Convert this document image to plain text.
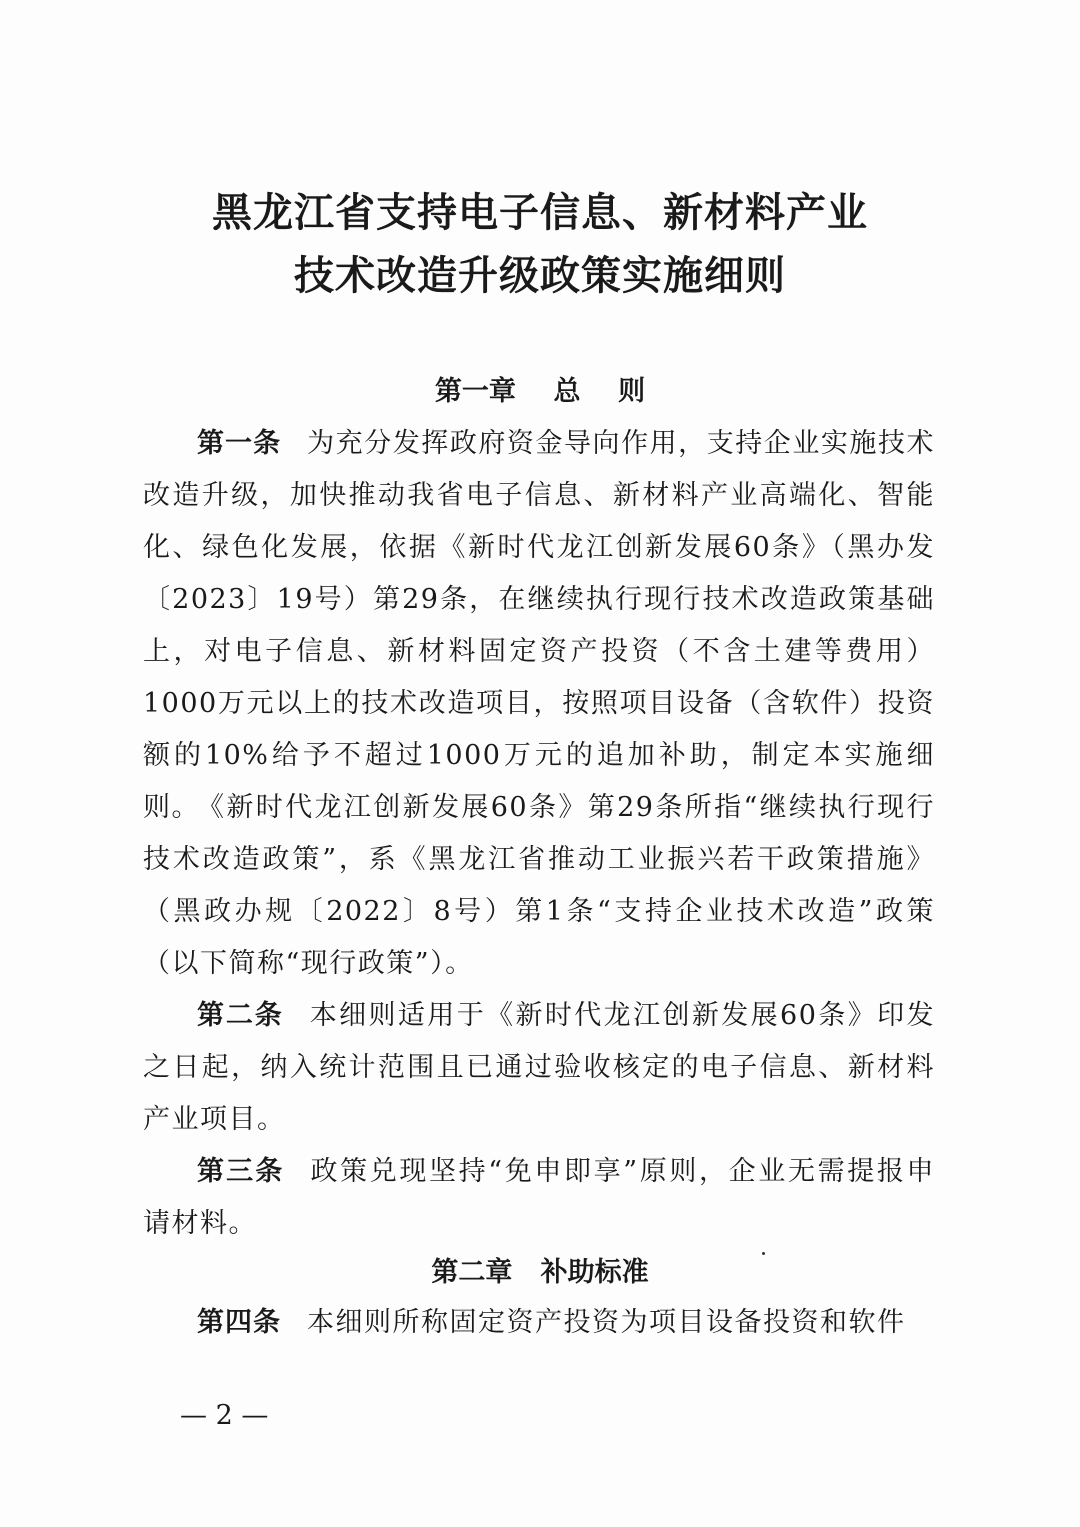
黑龙江省支持电子信息、新材料产业
技术改造升级政策实施细则
第一章    总    则
第一条 为充分发挥政府资金导向作用，支持企业实施技术改造升级，加快推动我省电子信息、新材料产业高端化、智能化、绿色化发展，依据《新时代龙江创新发展60条》（黑办发〔2023〕19号）第29条，在继续执行现行技术改造政策基础上，对电子信息、新材料固定资产投资（不含土建等费用）1000万元以上的技术改造项目，按照项目设备（含软件）投资额的10%给予不超过1000万元的追加补助，制定本实施细则。
《新时代龙江创新发展60条》第29条所指“继续执行现行技术改造政策”，系《黑龙江省推动工业振兴若干政策措施》（黑政办规〔2022〕8号）第1条“支持企业技术改造”政策（以下简称“现行政策”）。
第二条 本细则适用于《新时代龙江创新发展60条》印发之日起，纳入统计范围且已通过验收核定的电子信息、新材料产业项目。
第三条 政策兑现坚持“免申即享”原则，企业无需提报申请材料。
第二章   补助标准
第四条 本细则所称固定资产投资为项目设备投资和软件
— 2 —
